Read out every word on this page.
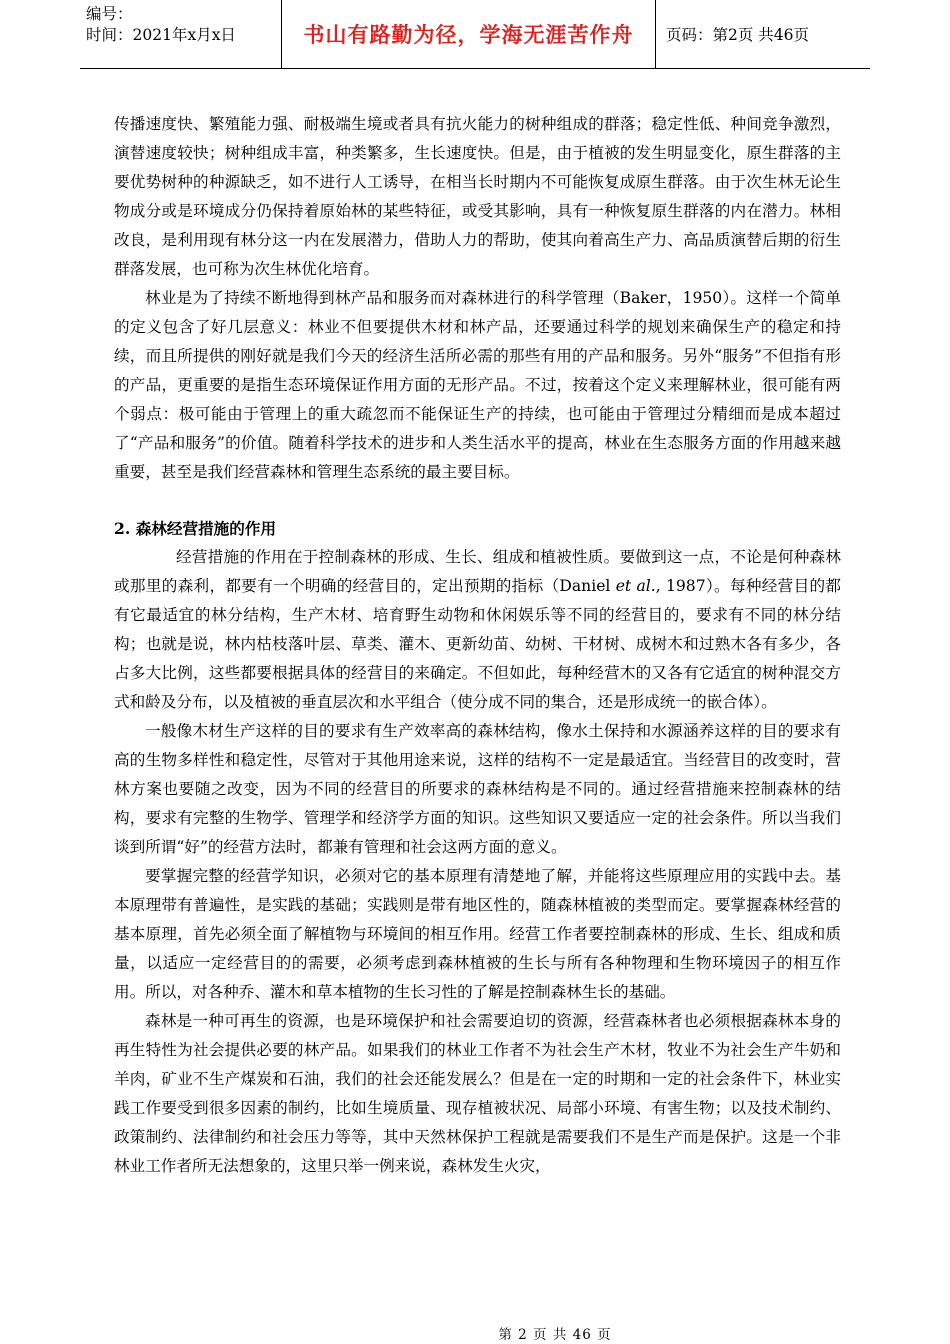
编号：
时间：2021年x月x日	书山有路勤为径，学海无涯苦作舟	页码：第2页 共46页

传播速度快、繁殖能力强、耐极端生境或者具有抗火能力的树种组成的群落；稳定性低、种间竞争激烈，演替速度较快；树种组成丰富，种类繁多，生长速度快。但是，由于植被的发生明显变化，原生群落的主要优势树种的种源缺乏，如不进行人工诱导，在相当长时期内不可能恢复成原生群落。由于次生林无论生物成分或是环境成分仍保持着原始林的某些特征，或受其影响，具有一种恢复原生群落的内在潜力。林相改良，是利用现有林分这一内在发展潜力，借助人力的帮助，使其向着高生产力、高品质演替后期的衍生群落发展，也可称为次生林优化培育。

林业是为了持续不断地得到林产品和服务而对森林进行的科学管理（Baker，1950）。这样一个简单的定义包含了好几层意义：林业不但要提供木材和林产品，还要通过科学的规划来确保生产的稳定和持续，而且所提供的刚好就是我们今天的经济生活所必需的那些有用的产品和服务。另外“服务”不但指有形的产品，更重要的是指生态环境保证作用方面的无形产品。不过，按着这个定义来理解林业，很可能有两个弱点：极可能由于管理上的重大疏忽而不能保证生产的持续，也可能由于管理过分精细而是成本超过了“产品和服务”的价值。随着科学技术的进步和人类生活水平的提高，林业在生态服务方面的作用越来越重要，甚至是我们经营森林和管理生态系统的最主要目标。

2. 森林经营措施的作用

经营措施的作用在于控制森林的形成、生长、组成和植被性质。要做到这一点，不论是何种森林或那里的森利，都要有一个明确的经营目的，定出预期的指标（Daniel et al., 1987）。每种经营目的都有它最适宜的林分结构，生产木材、培育野生动物和休闲娱乐等不同的经营目的，要求有不同的林分结构；也就是说，林内枯枝落叶层、草类、灌木、更新幼苗、幼树、干材树、成树木和过熟木各有多少，各占多大比例，这些都要根据具体的经营目的来确定。不但如此，每种经营木的又各有它适宜的树种混交方式和龄及分布，以及植被的垂直层次和水平组合（使分成不同的集合，还是形成统一的嵌合体）。

一般像木材生产这样的目的要求有生产效率高的森林结构，像水土保持和水源涵养这样的目的要求有高的生物多样性和稳定性，尽管对于其他用途来说，这样的结构不一定是最适宜。当经营目的改变时，营林方案也要随之改变，因为不同的经营目的所要求的森林结构是不同的。通过经营措施来控制森林的结构，要求有完整的生物学、管理学和经济学方面的知识。这些知识又要适应一定的社会条件。所以当我们谈到所谓“好”的经营方法时，都兼有管理和社会这两方面的意义。

要掌握完整的经营学知识，必须对它的基本原理有清楚地了解，并能将这些原理应用的实践中去。基本原理带有普遍性，是实践的基础；实践则是带有地区性的，随森林植被的类型而定。要掌握森林经营的基本原理，首先必须全面了解植物与环境间的相互作用。经营工作者要控制森林的形成、生长、组成和质量，以适应一定经营目的的需要，必须考虑到森林植被的生长与所有各种物理和生物环境因子的相互作用。所以，对各种乔、灌木和草本植物的生长习性的了解是控制森林生长的基础。

森林是一种可再生的资源，也是环境保护和社会需要迫切的资源，经营森林者也必须根据森林本身的再生特性为社会提供必要的林产品。如果我们的林业工作者不为社会生产木材，牧业不为社会生产牛奶和羊肉，矿业不生产煤炭和石油，我们的社会还能发展么？但是在一定的时期和一定的社会条件下，林业实践工作要受到很多因素的制约，比如生境质量、现存植被状况、局部小环境、有害生物；以及技术制约、政策制约、法律制约和社会压力等等，其中天然林保护工程就是需要我们不是生产而是保护。这是一个非林业工作者所无法想象的，这里只举一例来说，森林发生火灾，

第 2 页 共 46 页
